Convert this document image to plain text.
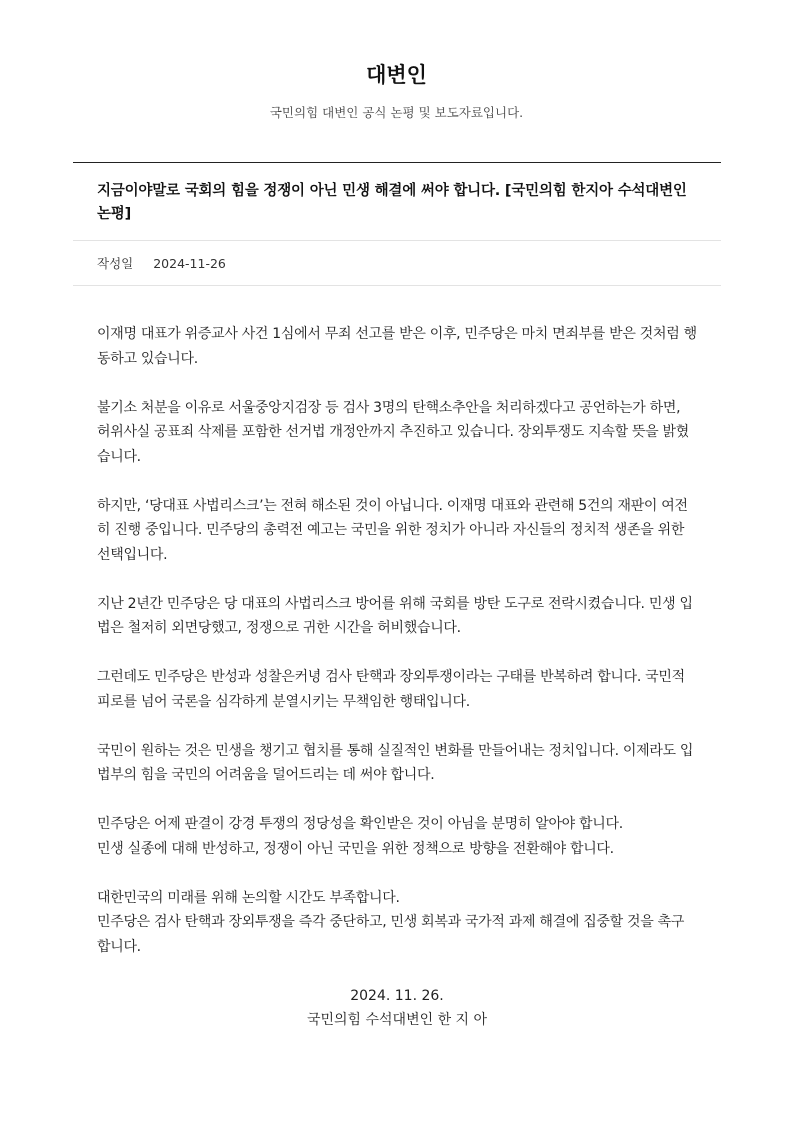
대변인
국민의힘 대변인 공식 논평 및 보도자료입니다.
지금이야말로 국회의 힘을 정쟁이 아닌 민생 해결에 써야 합니다. [국민의힘 한지아 수석대변인 논평]
작성일 2024-11-26

이재명 대표가 위증교사 사건 1심에서 무죄 선고를 받은 이후, 민주당은 마치 면죄부를 받은 것처럼 행동하고 있습니다.

불기소 처분을 이유로 서울중앙지검장 등 검사 3명의 탄핵소추안을 처리하겠다고 공언하는가 하면, 허위사실 공표죄 삭제를 포함한 선거법 개정안까지 추진하고 있습니다. 장외투쟁도 지속할 뜻을 밝혔습니다.

하지만, ‘당대표 사법리스크’는 전혀 해소된 것이 아닙니다. 이재명 대표와 관련해 5건의 재판이 여전히 진행 중입니다. 민주당의 총력전 예고는 국민을 위한 정치가 아니라 자신들의 정치적 생존을 위한 선택입니다.

지난 2년간 민주당은 당 대표의 사법리스크 방어를 위해 국회를 방탄 도구로 전락시켰습니다. 민생 입법은 철저히 외면당했고, 정쟁으로 귀한 시간을 허비했습니다.

그런데도 민주당은 반성과 성찰은커녕 검사 탄핵과 장외투쟁이라는 구태를 반복하려 합니다. 국민적 피로를 넘어 국론을 심각하게 분열시키는 무책임한 행태입니다.

국민이 원하는 것은 민생을 챙기고 협치를 통해 실질적인 변화를 만들어내는 정치입니다. 이제라도 입법부의 힘을 국민의 어려움을 덜어드리는 데 써야 합니다.

민주당은 어제 판결이 강경 투쟁의 정당성을 확인받은 것이 아님을 분명히 알아야 합니다.
민생 실종에 대해 반성하고, 정쟁이 아닌 국민을 위한 정책으로 방향을 전환해야 합니다.

대한민국의 미래를 위해 논의할 시간도 부족합니다.
민주당은 검사 탄핵과 장외투쟁을 즉각 중단하고, 민생 회복과 국가적 과제 해결에 집중할 것을 촉구합니다.

2024. 11. 26.
국민의힘 수석대변인 한 지 아
